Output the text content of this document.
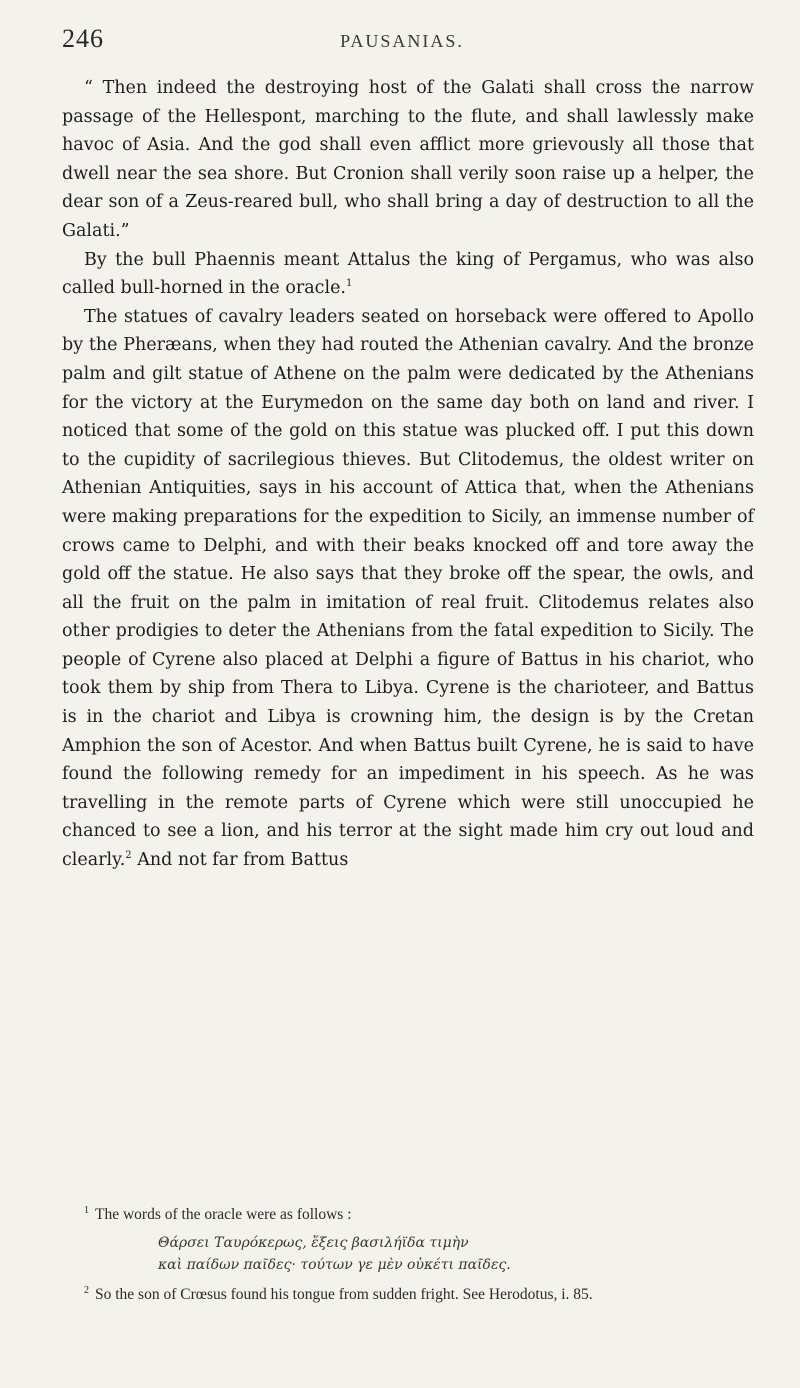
246	PAUSANIAS.

“ Then indeed the destroying host of the Galati shall cross the narrow passage of the Hellespont, marching to the flute, and shall lawlessly make havoc of Asia. And the god shall even afflict more grievously all those that dwell near the sea shore. But Cronion shall verily soon raise up a helper, the dear son of a Zeus-reared bull, who shall bring a day of destruction to all the Galati.”

By the bull Phaennis meant Attalus the king of Pergamus, who was also called bull-horned in the oracle.$^1$

The statues of cavalry leaders seated on horseback were offered to Apollo by the Pheræans, when they had routed the Athenian cavalry. And the bronze palm and gilt statue of Athene on the palm were dedicated by the Athenians for the victory at the Eurymedon on the same day both on land and river. I noticed that some of the gold on this statue was plucked off. I put this down to the cupidity of sacrilegious thieves. But Clitodemus, the oldest writer on Athenian Antiquities, says in his account of Attica that, when the Athenians were making preparations for the expedition to Sicily, an immense number of crows came to Delphi, and with their beaks knocked off and tore away the gold off the statue. He also says that they broke off the spear, the owls, and all the fruit on the palm in imitation of real fruit. Clitodemus relates also other prodigies to deter the Athenians from the fatal expedition to Sicily. The people of Cyrene also placed at Delphi a figure of Battus in his chariot, who took them by ship from Thera to Libya. Cyrene is the charioteer, and Battus is in the chariot and Libya is crowning him, the design is by the Cretan Amphion the son of Acestor. And when Battus built Cyrene, he is said to have found the following remedy for an impediment in his speech. As he was travelling in the remote parts of Cyrene which were still unoccupied he chanced to see a lion, and his terror at the sight made him cry out loud and clearly.$^2$ And not far from Battus

$^1$ The words of the oracle were as follows :

Θάρσει Ταυρόκερως, ἕξεις βασιλήϊδα τιμὴν
καὶ παίδων παῖδες· τούτων γε μὲν οὐκέτι παῖδες.

$^2$ So the son of Crœsus found his tongue from sudden fright. See Herodotus, i. 85.
